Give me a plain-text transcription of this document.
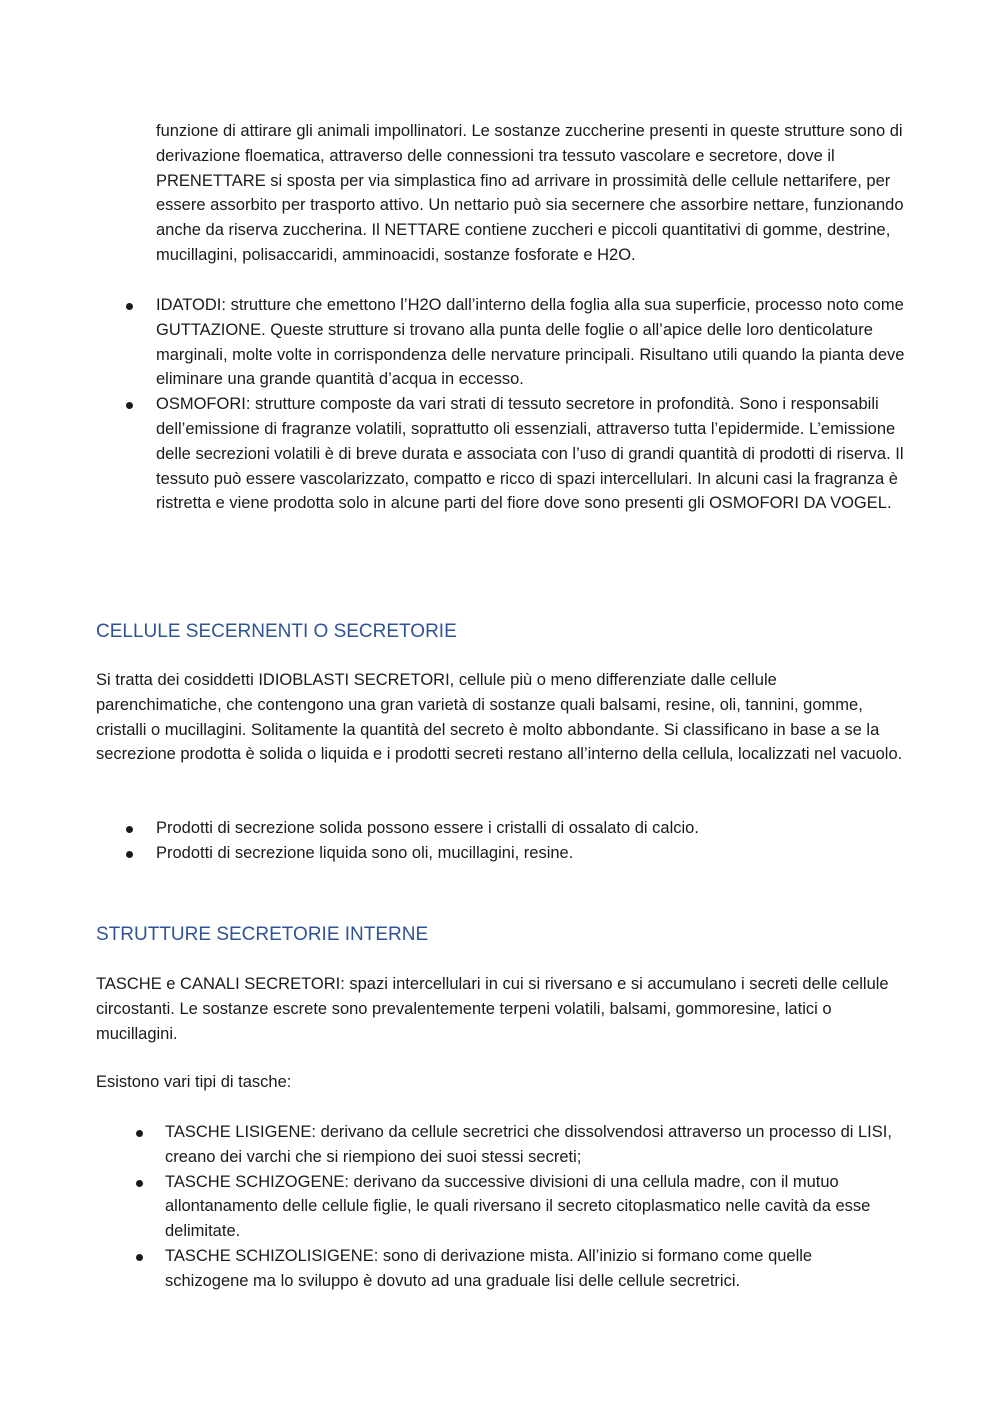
funzione di attirare gli animali impollinatori. Le sostanze zuccherine presenti in queste strutture sono di derivazione floematica, attraverso delle connessioni tra tessuto vascolare e secretore, dove il PRENETTARE si sposta per via simplastica fino ad arrivare in prossimità delle cellule nettarifere, per essere assorbito per trasporto attivo. Un nettario può sia secernere che assorbire nettare, funzionando anche da riserva zuccherina. Il NETTARE contiene zuccheri e piccoli quantitativi di gomme, destrine, mucillagini, polisaccaridi, amminoacidi, sostanze fosforate e H2O.

IDATODI: strutture che emettono l’H2O dall’interno della foglia alla sua superficie, processo noto come GUTTAZIONE. Queste strutture si trovano alla punta delle foglie o all’apice delle loro denticolature marginali, molte volte in corrispondenza delle nervature principali. Risultano utili quando la pianta deve eliminare una grande quantità d’acqua in eccesso.
OSMOFORI: strutture composte da vari strati di tessuto secretore in profondità. Sono i responsabili dell’emissione di fragranze volatili, soprattutto oli essenziali, attraverso tutta l’epidermide. L’emissione delle secrezioni volatili è di breve durata e associata con l’uso di grandi quantità di prodotti di riserva. Il tessuto può essere vascolarizzato, compatto e ricco di spazi intercellulari. In alcuni casi la fragranza è ristretta e viene prodotta solo in alcune parti del fiore dove sono presenti gli OSMOFORI DA VOGEL.
CELLULE SECERNENTI O SECRETORIE

Si tratta dei cosiddetti IDIOBLASTI SECRETORI, cellule più o meno differenziate dalle cellule parenchimatiche, che contengono una gran varietà di sostanze quali balsami, resine, oli, tannini, gomme, cristalli o mucillagini. Solitamente la quantità del secreto è molto abbondante. Si classificano in base a se la secrezione prodotta è solida o liquida e i prodotti secreti restano all’interno della cellula, localizzati nel vacuolo.

Prodotti di secrezione solida possono essere i cristalli di ossalato di calcio.
Prodotti di secrezione liquida sono oli, mucillagini, resine.
STRUTTURE SECRETORIE INTERNE

TASCHE e CANALI SECRETORI: spazi intercellulari in cui si riversano e si accumulano i secreti delle cellule circostanti. Le sostanze escrete sono prevalentemente terpeni volatili, balsami, gommoresine, latici o mucillagini.

Esistono vari tipi di tasche:

TASCHE LISIGENE: derivano da cellule secretrici che dissolvendosi attraverso un processo di LISI, creano dei varchi che si riempiono dei suoi stessi secreti;
TASCHE SCHIZOGENE: derivano da successive divisioni di una cellula madre, con il mutuo allontanamento delle cellule figlie, le quali riversano il secreto citoplasmatico nelle cavità da esse delimitate.
TASCHE SCHIZOLISIGENE: sono di derivazione mista. All’inizio si formano come quelle schizogene ma lo sviluppo è dovuto ad una graduale lisi delle cellule secretrici.
